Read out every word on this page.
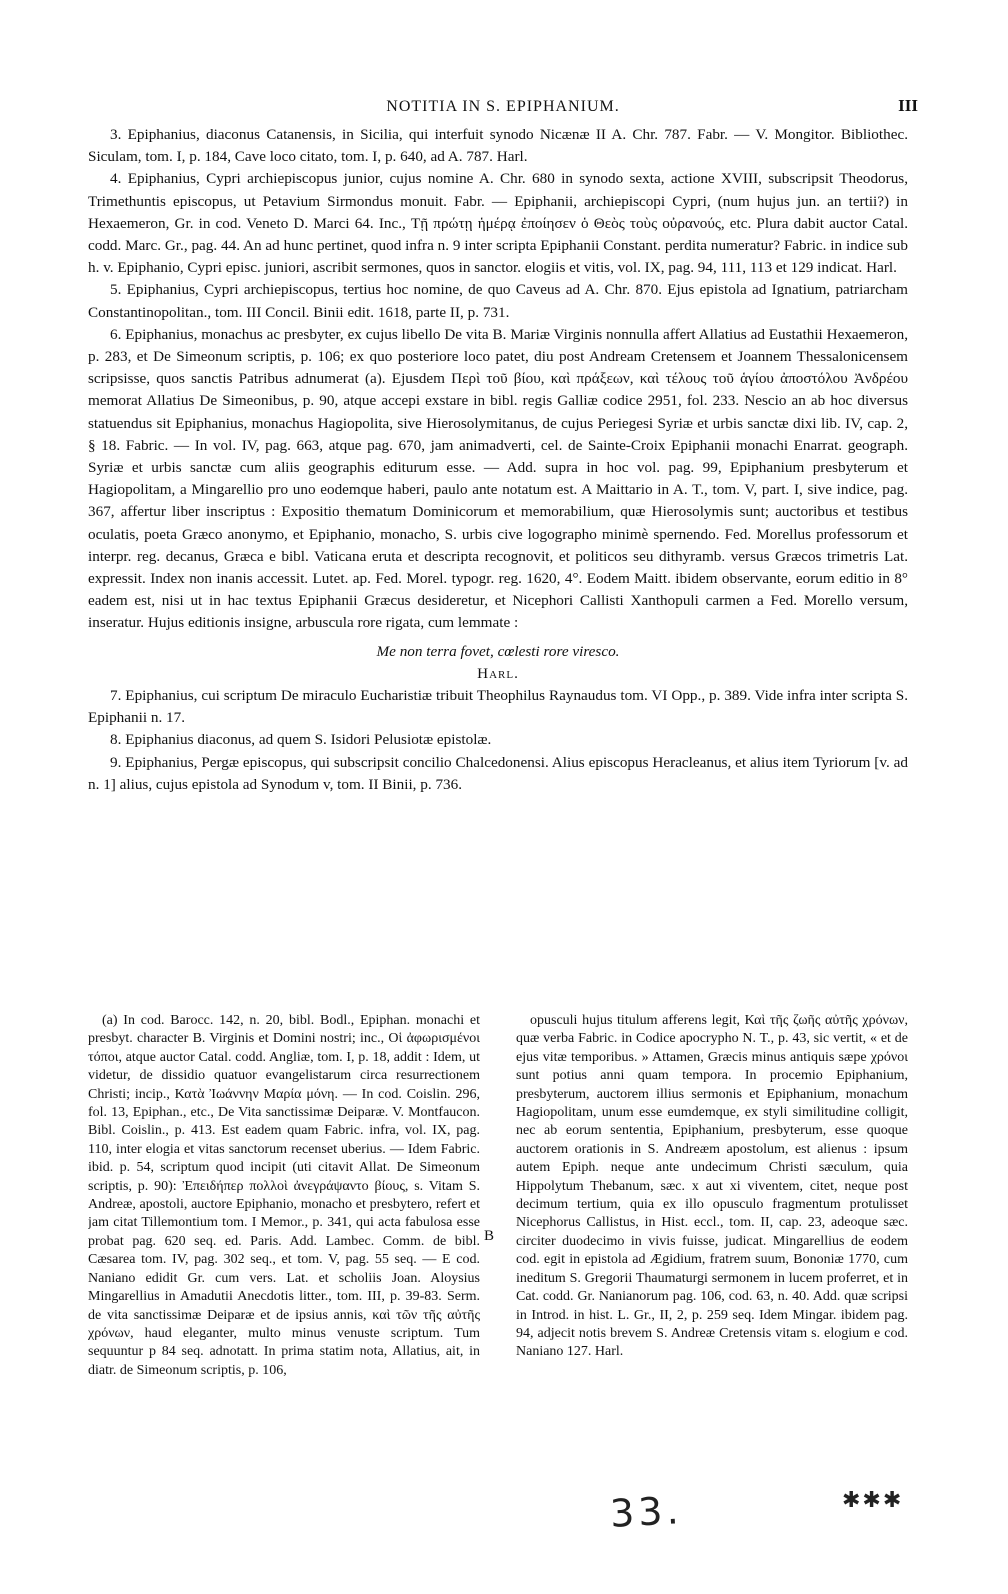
NOTITIA IN S. EPIPHANIUM.	III

3. Epiphanius, diaconus Catanensis, in Sicilia, qui interfuit synodo Nicænæ II A. Chr. 787. Fabr. — V. Mongitor. Bibliothec. Siculam, tom. I, p. 184, Cave loco citato, tom. I, p. 640, ad A. 787. Harl.

4. Epiphanius, Cypri archiepiscopus junior, cujus nomine A. Chr. 680 in synodo sexta, actione XVIII, subscripsit Theodorus, Trimethuntis episcopus, ut Petavium Sirmondus monuit. Fabr. — Epiphanii, archiepiscopi Cypri, (num hujus jun. an tertii?) in Hexaemeron, Gr. in cod. Veneto D. Marci 64. Inc., Τῇ πρώτῃ ἡμέρᾳ ἐποίησεν ὁ Θεὸς τοὺς οὐρανούς, etc. Plura dabit auctor Catal. codd. Marc. Gr., pag. 44. An ad hunc pertinet, quod infra n. 9 inter scripta Epiphanii Constant. perdita numeratur? Fabric. in indice sub h. v. Epiphanio, Cypri episc. juniori, ascribit sermones, quos in sanctor. elogiis et vitis, vol. IX, pag. 94, 111, 113 et 129 indicat. Harl.

5. Epiphanius, Cypri archiepiscopus, tertius hoc nomine, de quo Caveus ad A. Chr. 870. Ejus epistola ad Ignatium, patriarcham Constantinopolitan., tom. III Concil. Binii edit. 1618, parte II, p. 731.

6. Epiphanius, monachus ac presbyter, ex cujus libello De vita B. Mariæ Virginis nonnulla affert Allatius ad Eustathii Hexaemeron, p. 283, et De Simeonum scriptis, p. 106; ex quo posteriore loco patet, diu post Andream Cretensem et Joannem Thessalonicensem scripsisse, quos sanctis Patribus adnumerat (a). Ejusdem Περὶ τοῦ βίου, καὶ πράξεων, καὶ τέλους τοῦ ἁγίου ἀποστόλου Ἀνδρέου memorat Allatius De Simeonibus, p. 90, atque accepi exstare in bibl. regis Galliæ codice 2951, fol. 233. Nescio an ab hoc diversus statuendus sit Epiphanius, monachus Hagiopolita, sive Hierosolymitanus, de cujus Periegesi Syriæ et urbis sanctæ dixi lib. IV, cap. 2, § 18. Fabric. — In vol. IV, pag. 663, atque pag. 670, jam animadverti, cel. de Sainte-Croix Epiphanii monachi Enarrat. geograph. Syriæ et urbis sanctæ cum aliis geographis editurum esse. — Add. supra in hoc vol. pag. 99, Epiphanium presbyterum et Hagiopolitam, a Mingarellio pro uno eodemque haberi, paulo ante notatum est. A Maittario in A. T., tom. V, part. I, sive indice, pag. 367, affertur liber inscriptus : Expositio thematum Dominicorum et memorabilium, quæ Hierosolymis sunt; auctoribus et testibus oculatis, poeta Græco anonymo, et Epiphanio, monacho, S. urbis cive logographo minimè spernendo. Fed. Morellus professorum et interpr. reg. decanus, Græca e bibl. Vaticana eruta et descripta recognovit, et politicos seu dithyramb. versus Græcos trimetris Lat. expressit. Index non inanis accessit. Lutet. ap. Fed. Morel. typogr. reg. 1620, 4°. Eodem Maitt. ibidem observante, eorum editio in 8° eadem est, nisi ut in hac textus Epiphanii Græcus desideretur, et Nicephori Callisti Xanthopuli carmen a Fed. Morello versum, inseratur. Hujus editionis insigne, arbuscula rore rigata, cum lemmate :

Me non terra fovet, cœlesti rore viresco.

Harl.

7. Epiphanius, cui scriptum De miraculo Eucharistiæ tribuit Theophilus Raynaudus tom. VI Opp., p. 389. Vide infra inter scripta S. Epiphanii n. 17.

8. Epiphanius diaconus, ad quem S. Isidori Pelusiotæ epistolæ.

9. Epiphanius, Pergæ episcopus, qui subscripsit concilio Chalcedonensi. Alius episcopus Heracleanus, et alius item Tyriorum [v. ad n. 1] alius, cujus epistola ad Synodum v, tom. II Binii, p. 736.

(a) In cod. Barocc. 142, n. 20, bibl. Bodl., Epiphan. monachi et presbyt. character B. Virginis et Domini nostri; inc., Οἱ ἀφωρισμένοι τόποι, atque auctor Catal. codd. Angliæ, tom. I, p. 18, addit : Idem, ut videtur, de dissidio quatuor evangelistarum circa resurrectionem Christi; incip., Κατὰ Ἰωάννην Μαρία μόνη. — In cod. Coislin. 296, fol. 13, Epiphan., etc., De Vita sanctissimæ Deiparæ. V. Montfaucon. Bibl. Coislin., p. 413. Est eadem quam Fabric. infra, vol. IX, pag. 110, inter elogia et vitas sanctorum recenset uberius. — Idem Fabric. ibid. p. 54, scriptum quod incipit (uti citavit Allat. De Simeonum scriptis, p. 90): Ἐπειδήπερ πολλοὶ ἀνεγράψαντο βίους, s. Vitam S. Andreæ, apostoli, auctore Epiphanio, monacho et presbytero, refert et jam citat Tillemontium tom. I Memor., p. 341, qui acta fabulosa esse probat pag. 620 seq. ed. Paris. Add. Lambec. Comm. de bibl. Cæsarea tom. IV, pag. 302 seq., et tom. V, pag. 55 seq. — E cod. Naniano edidit Gr. cum vers. Lat. et scholiis Joan. Aloysius Mingarellius in Amadutii Anecdotis litter., tom. III, p. 39-83. Serm. de vita sanctissimæ Deiparæ et de ipsius annis, καὶ τῶν τῆς αὐτῆς χρόνων, haud eleganter, multo minus venuste scriptum. Tum sequuntur p 84 seq. adnotatt. In prima statim nota, Allatius, ait, in diatr. de Simeonum scriptis, p. 106,

B

opusculi hujus titulum afferens legit, Καὶ τῆς ζωῆς αὐτῆς χρόνων, quæ verba Fabric. in Codice apocrypho N. T., p. 43, sic vertit, « et de ejus vitæ temporibus. » Attamen, Græcis minus antiquis sæpe χρόνοι sunt potius anni quam tempora. In procemio Epiphanium, presbyterum, auctorem illius sermonis et Epiphanium, monachum Hagiopolitam, unum esse eumdemque, ex styli similitudine colligit, nec ab eorum sententia, Epiphanium, presbyterum, esse quoque auctorem orationis in S. Andreæm apostolum, est alienus : ipsum autem Epiph. neque ante undecimum Christi sæculum, quia Hippolytum Thebanum, sæc. x aut xi viventem, citet, neque post decimum tertium, quia ex illo opusculo fragmentum protulisset Nicephorus Callistus, in Hist. eccl., tom. II, cap. 23, adeoque sæc. circiter duodecimo in vivis fuisse, judicat. Mingarellius de eodem cod. egit in epistola ad Ægidium, fratrem suum, Bononiæ 1770, cum ineditum S. Gregorii Thaumaturgi sermonem in lucem proferret, et in Cat. codd. Gr. Nanianorum pag. 106, cod. 63, n. 40. Add. quæ scripsi in Introd. in hist. L. Gr., II, 2, p. 259 seq. Idem Mingar. ibidem pag. 94, adjecit notis brevem S. Andreæ Cretensis vitam s. elogium e cod. Naniano 127. Harl.

33.	✱✱✱
